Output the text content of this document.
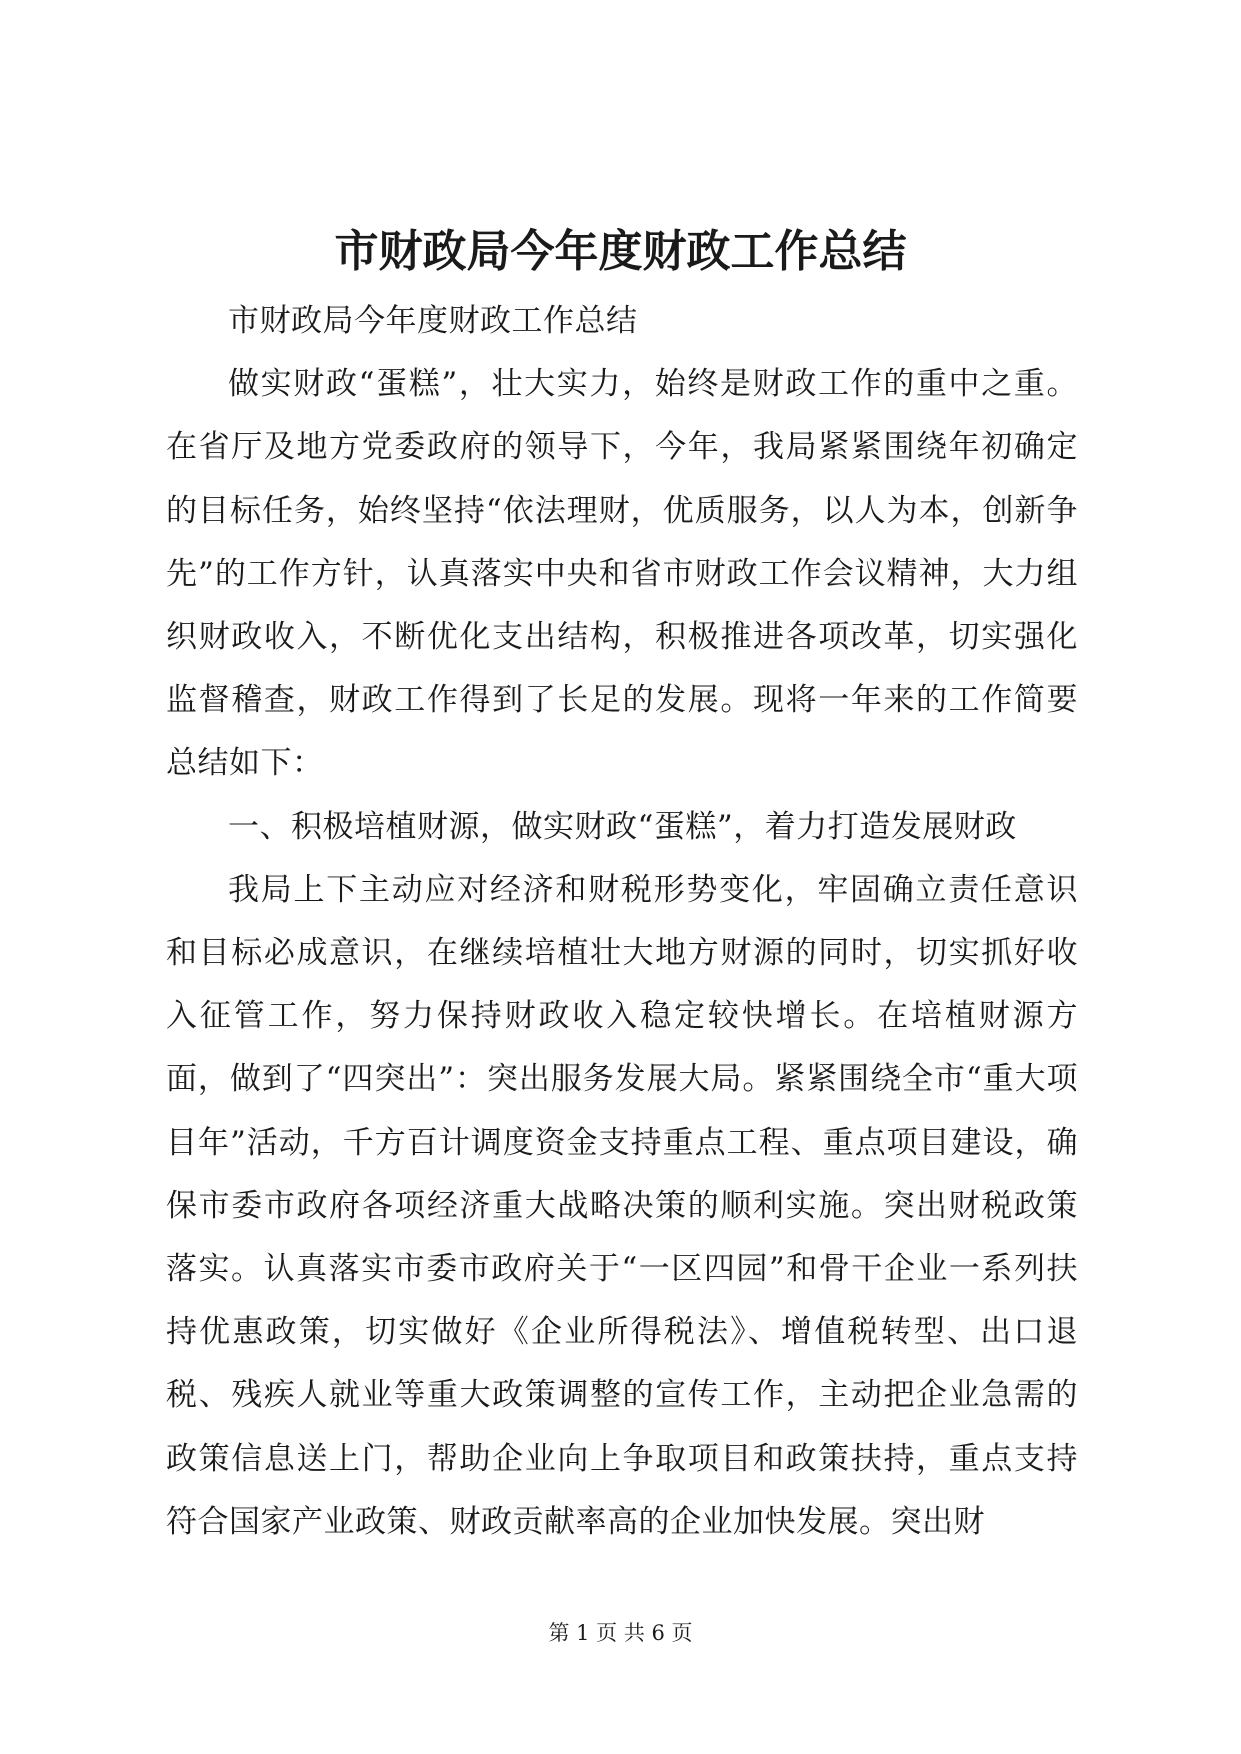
市财政局今年度财政工作总结

市财政局今年度财政工作总结

做实财政“蛋糕”，壮大实力，始终是财政工作的重中之重。在省厅及地方党委政府的领导下，今年，我局紧紧围绕年初确定的目标任务，始终坚持“依法理财，优质服务，以人为本，创新争先”的工作方针，认真落实中央和省市财政工作会议精神，大力组织财政收入，不断优化支出结构，积极推进各项改革，切实强化监督稽查，财政工作得到了长足的发展。现将一年来的工作简要总结如下：

一、积极培植财源，做实财政“蛋糕”，着力打造发展财政

我局上下主动应对经济和财税形势变化，牢固确立责任意识和目标必成意识，在继续培植壮大地方财源的同时，切实抓好收入征管工作，努力保持财政收入稳定较快增长。在培植财源方面，做到了“四突出”：突出服务发展大局。紧紧围绕全市“重大项目年”活动，千方百计调度资金支持重点工程、重点项目建设，确保市委市政府各项经济重大战略决策的顺利实施。突出财税政策落实。认真落实市委市政府关于“一区四园”和骨干企业一系列扶持优惠政策，切实做好《企业所得税法》、增值税转型、出口退税、残疾人就业等重大政策调整的宣传工作，主动把企业急需的政策信息送上门，帮助企业向上争取项目和政策扶持，重点支持符合国家产业政策、财政贡献率高的企业加快发展。突出财

第 1 页 共 6 页
